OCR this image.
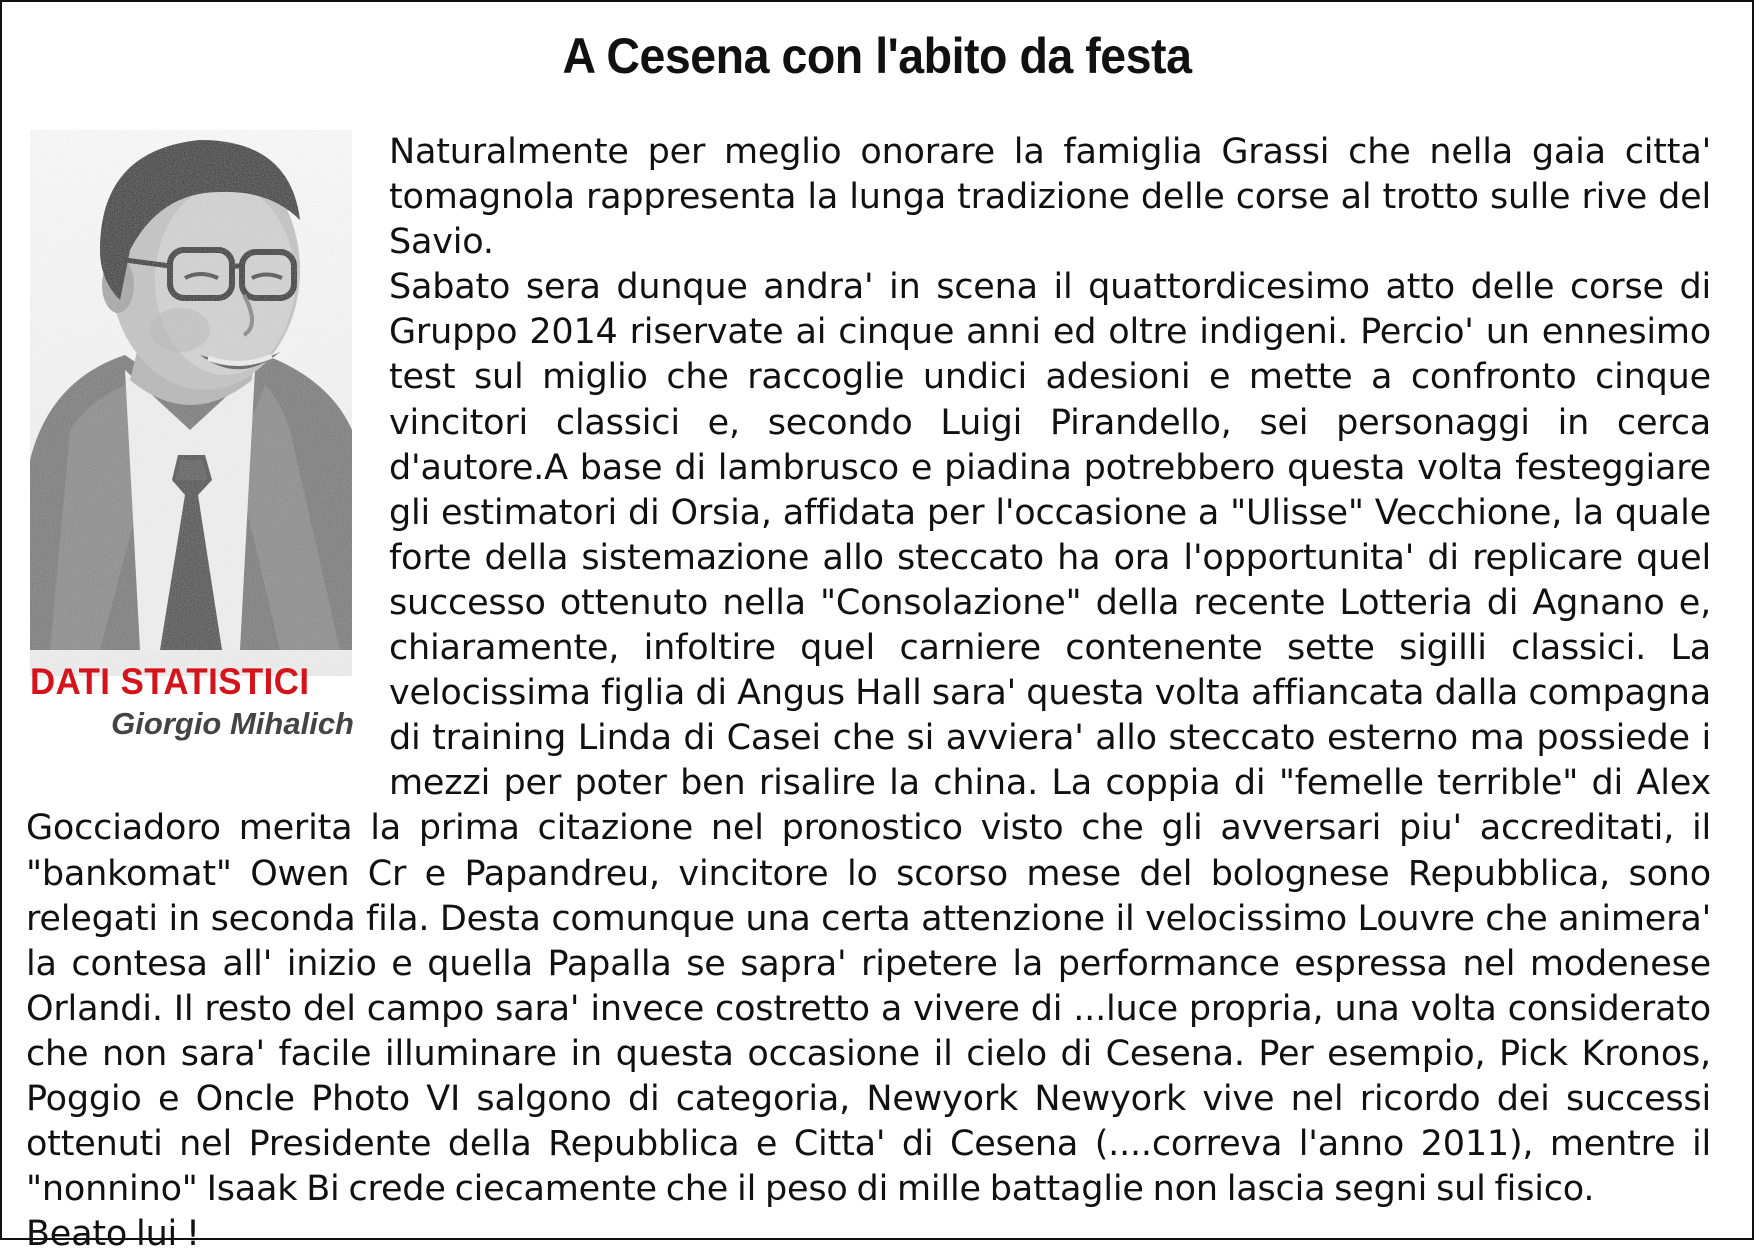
A Cesena con l'abito da festa
DATI STATISTICI
Giorgio Mihalich

Naturalmente per meglio onorare la famiglia Grassi che nella gaia citta' tomagnola rappresenta la lunga tradizione delle corse al trotto sulle rive del Savio.

Sabato sera dunque andra' in scena il quattordicesimo atto delle corse di Gruppo 2014 riservate ai cinque anni ed oltre indigeni. Percio' un ennesimo test sul miglio che raccoglie undici adesioni e mette a confronto cinque vincitori classici e, secondo Luigi Pirandello, sei personaggi in cerca d'autore.A base di lambrusco e piadina potrebbero questa volta festeggiare gli estimatori di Orsia, affidata per l'occasione a "Ulisse" Vecchione, la quale forte della sistemazione allo steccato ha ora l'opportunita' di replicare quel successo ottenuto nella "Consolazione" della recente Lotteria di Agnano e, chiaramente, infoltire quel carniere contenente sette sigilli classici. La velocissima figlia di Angus Hall sara' questa volta affiancata dalla compagna di training Linda di Casei che si avviera' allo steccato esterno ma possiede i mezzi per poter ben risalire la china. La coppia di "femelle terrible" di Alex Gocciadoro merita la prima citazione nel pronostico visto che gli avversari piu' accreditati, il "bankomat" Owen Cr e Papandreu, vincitore lo scorso mese del bolognese Repubblica, sono relegati in seconda fila. Desta comunque una certa attenzione il velocissimo Louvre che animera' la contesa all' inizio e quella Papalla se sapra' ripetere la performance espressa nel modenese Orlandi. Il resto del campo sara' invece costretto a vivere di ...luce propria, una volta considerato che non sara' facile illuminare in questa occasione il cielo di Cesena. Per esempio, Pick Kronos, Poggio e Oncle Photo VI salgono di categoria, Newyork Newyork vive nel ricordo dei successi ottenuti nel Presidente della Repubblica e Citta' di Cesena (....correva l'anno 2011), mentre il "nonnino" Isaak Bi crede ciecamente che il peso di mille battaglie non lascia segni sul fisico.

Beato lui !
